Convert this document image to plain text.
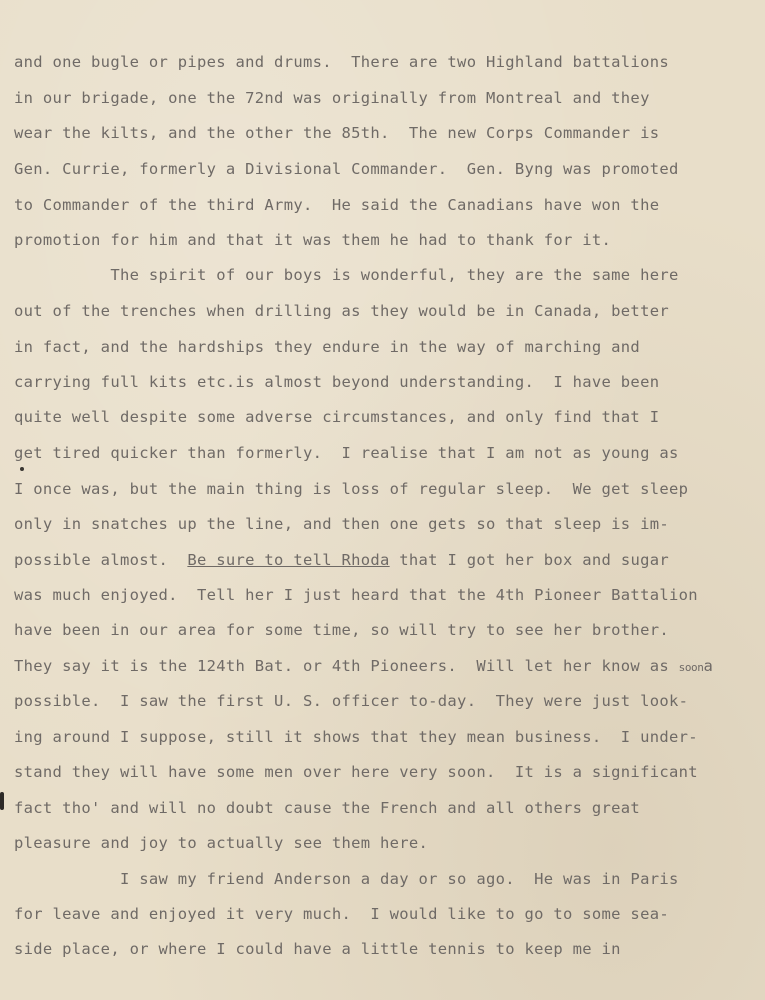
and one bugle or pipes and drums.  There are two Highland battalions
in our brigade, one the 72nd was originally from Montreal and they
wear the kilts, and the other the 85th.  The new Corps Commander is
Gen. Currie, formerly a Divisional Commander.  Gen. Byng was promoted
to Commander of the third Army.  He said the Canadians have won the
promotion for him and that it was them he had to thank for it.
The spirit of our boys is wonderful, they are the same here
out of the trenches when drilling as they would be in Canada, better
in fact, and the hardships they endure in the way of marching and
carrying full kits etc.is almost beyond understanding.  I have been
quite well despite some adverse circumstances, and only find that I
get tired quicker than formerly.  I realise that I am not as young as
I once was, but the main thing is loss of regular sleep.  We get sleep
only in snatches up the line, and then one gets so that sleep is im-
possible almost.  Be sure to tell Rhoda that I got her box and sugar
was much enjoyed.  Tell her I just heard that the 4th Pioneer Battalion
have been in our area for some time, so will try to see her brother.
They say it is the 124th Bat. or 4th Pioneers.  Will let her know as soona
possible.  I saw the first U. S. officer to-day.  They were just look-
ing around I suppose, still it shows that they mean business.  I under-
stand they will have some men over here very soon.  It is a significant
fact tho' and will no doubt cause the French and all others great
pleasure and joy to actually see them here.
I saw my friend Anderson a day or so ago.  He was in Paris
for leave and enjoyed it very much.  I would like to go to some sea-
side place, or where I could have a little tennis to keep me in
